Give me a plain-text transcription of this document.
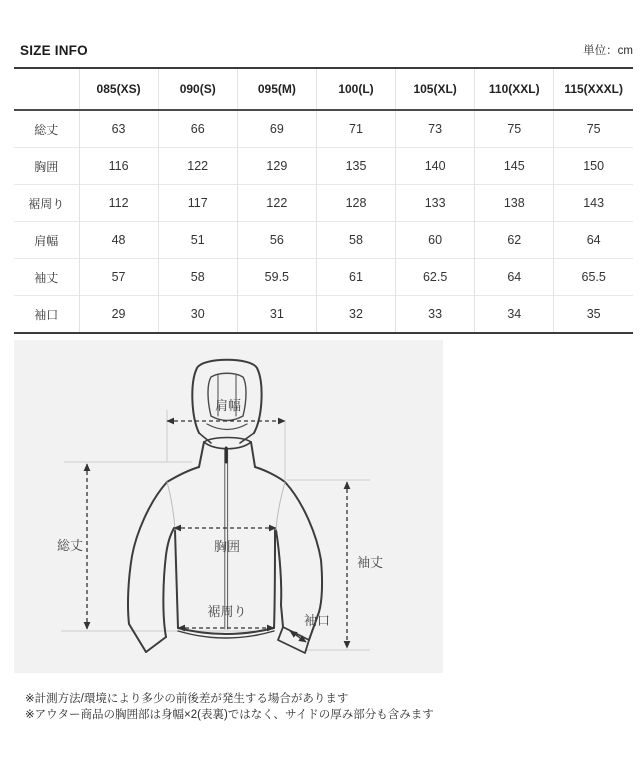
SIZE INFO	単位：cm
	085(XS)	090(S)	095(M)	100(L)	105(XL)	110(XXL)	115(XXXL)
総丈	63	66	69	71	73	75	75
胸囲	116	122	129	135	140	145	150
裾周り	112	117	122	128	133	138	143
肩幅	48	51	56	58	60	62	64
袖丈	57	58	59.5	61	62.5	64	65.5
袖口	29	30	31	32	33	34	35
肩幅
総丈
袖丈
胸囲
裾周り
袖口
※計測方法/環境により多少の前後差が発生する場合があります
※アウター商品の胸囲部は身幅×2(表裏)ではなく、サイドの厚み部分も含みます
